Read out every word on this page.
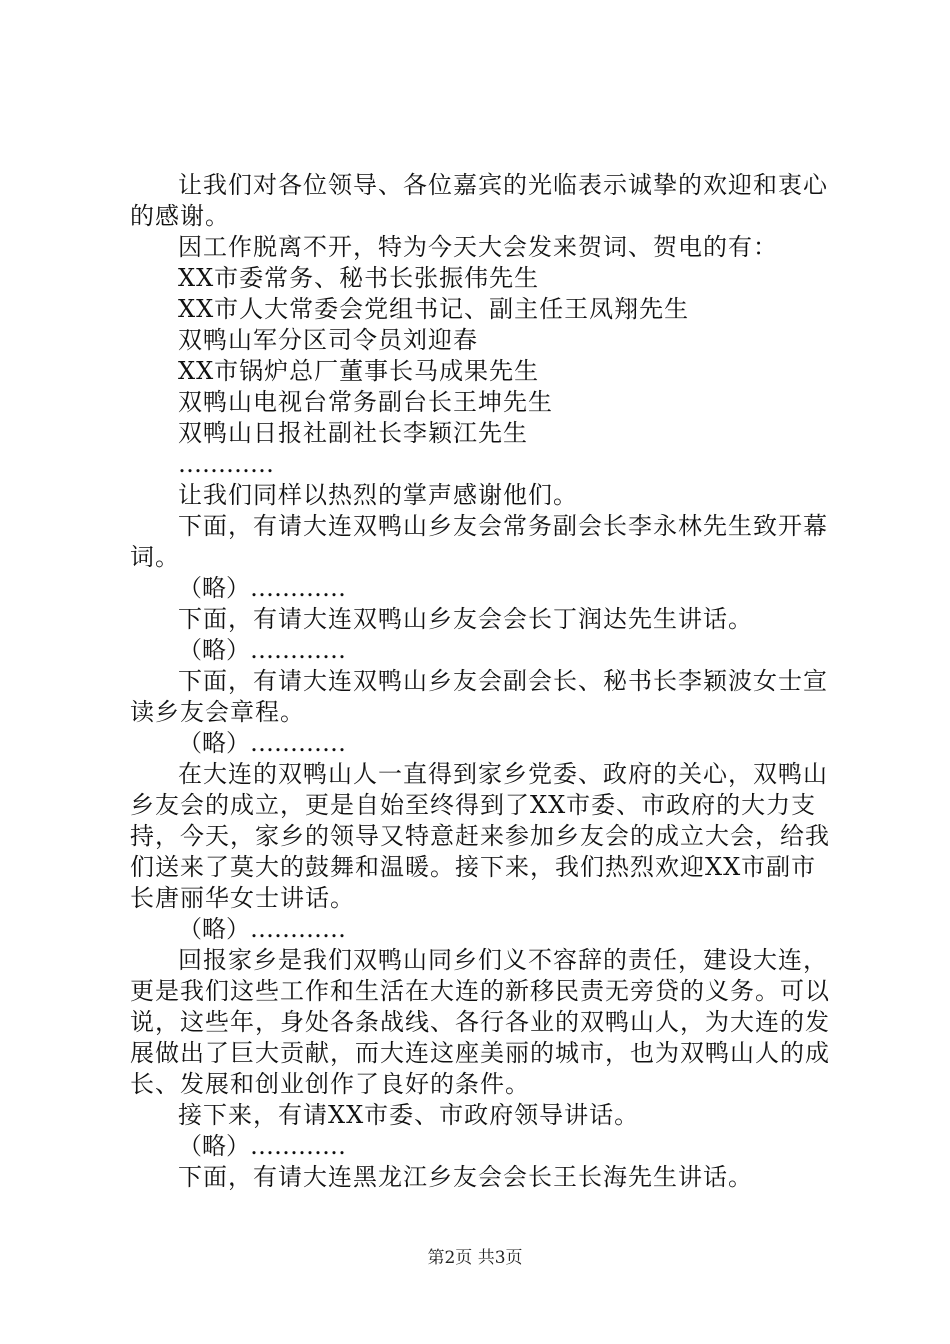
让我们对各位领导、各位嘉宾的光临表示诚挚的欢迎和衷心的感谢。

因工作脱离不开，特为今天大会发来贺词、贺电的有：

XX市委常务、秘书长张振伟先生

XX市人大常委会党组书记、副主任王凤翔先生

双鸭山军分区司令员刘迎春

XX市锅炉总厂董事长马成果先生

双鸭山电视台常务副台长王坤先生

双鸭山日报社副社长李颖江先生

…………

让我们同样以热烈的掌声感谢他们。

下面，有请大连双鸭山乡友会常务副会长李永林先生致开幕词。

（略）…………

下面，有请大连双鸭山乡友会会长丁润达先生讲话。

（略）…………

下面，有请大连双鸭山乡友会副会长、秘书长李颖波女士宣读乡友会章程。

（略）…………

在大连的双鸭山人一直得到家乡党委、政府的关心，双鸭山乡友会的成立，更是自始至终得到了XX市委、市政府的大力支持，今天，家乡的领导又特意赶来参加乡友会的成立大会，给我们送来了莫大的鼓舞和温暖。接下来，我们热烈欢迎XX市副市长唐丽华女士讲话。

（略）…………

回报家乡是我们双鸭山同乡们义不容辞的责任，建设大连，更是我们这些工作和生活在大连的新移民责无旁贷的义务。可以说，这些年，身处各条战线、各行各业的双鸭山人，为大连的发展做出了巨大贡献，而大连这座美丽的城市，也为双鸭山人的成长、发展和创业创作了良好的条件。

接下来，有请XX市委、市政府领导讲话。

（略）…………

下面，有请大连黑龙江乡友会会长王长海先生讲话。

第2页 共3页
